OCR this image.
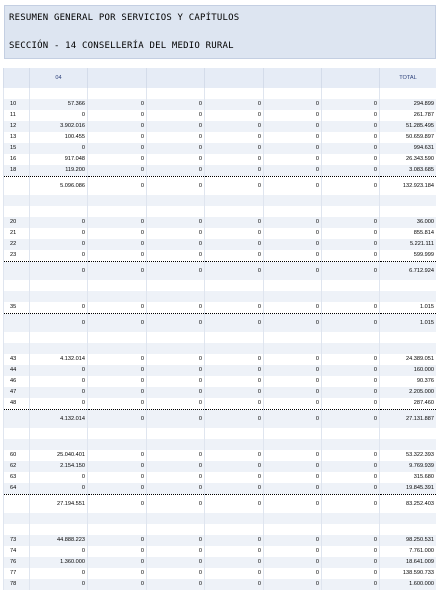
RESUMEN GENERAL POR SERVICIOS Y CAPÍTULOS
SECCIÓN - 14 CONSELLERÍA DEL MEDIO RURAL
	04						TOTAL

10	57.366	0	0	0	0	0	294.899
11	0	0	0	0	0	0	261.787
12	3.902.016	0	0	0	0	0	51.285.495
13	100.455	0	0	0	0	0	50.659.897
15	0	0	0	0	0	0	994.631
16	917.048	0	0	0	0	0	26.343.590
18	119.200	0	0	0	0	0	3.083.685
	5.096.086	0	0	0	0	0	132.923.184

20	0	0	0	0	0	0	36.000
21	0	0	0	0	0	0	855.814
22	0	0	0	0	0	0	5.221.111
23	0	0	0	0	0	0	599.999
	0	0	0	0	0	0	6.712.924

35	0	0	0	0	0	0	1.015
	0	0	0	0	0	0	1.015

43	4.132.014	0	0	0	0	0	24.389.051
44	0	0	0	0	0	0	160.000
46	0	0	0	0	0	0	90.376
47	0	0	0	0	0	0	2.205.000
48	0	0	0	0	0	0	287.460
	4.132.014	0	0	0	0	0	27.131.887

60	25.040.401	0	0	0	0	0	53.322.393
62	2.154.150	0	0	0	0	0	9.769.939
63	0	0	0	0	0	0	315.680
64	0	0	0	0	0	0	19.845.391
	27.194.551	0	0	0	0	0	83.252.403

73	44.888.223	0	0	0	0	0	98.250.531
74	0	0	0	0	0	0	7.761.000
76	1.360.000	0	0	0	0	0	18.641.009
77	0	0	0	0	0	0	138.590.733
78	0	0	0	0	0	0	1.600.000
